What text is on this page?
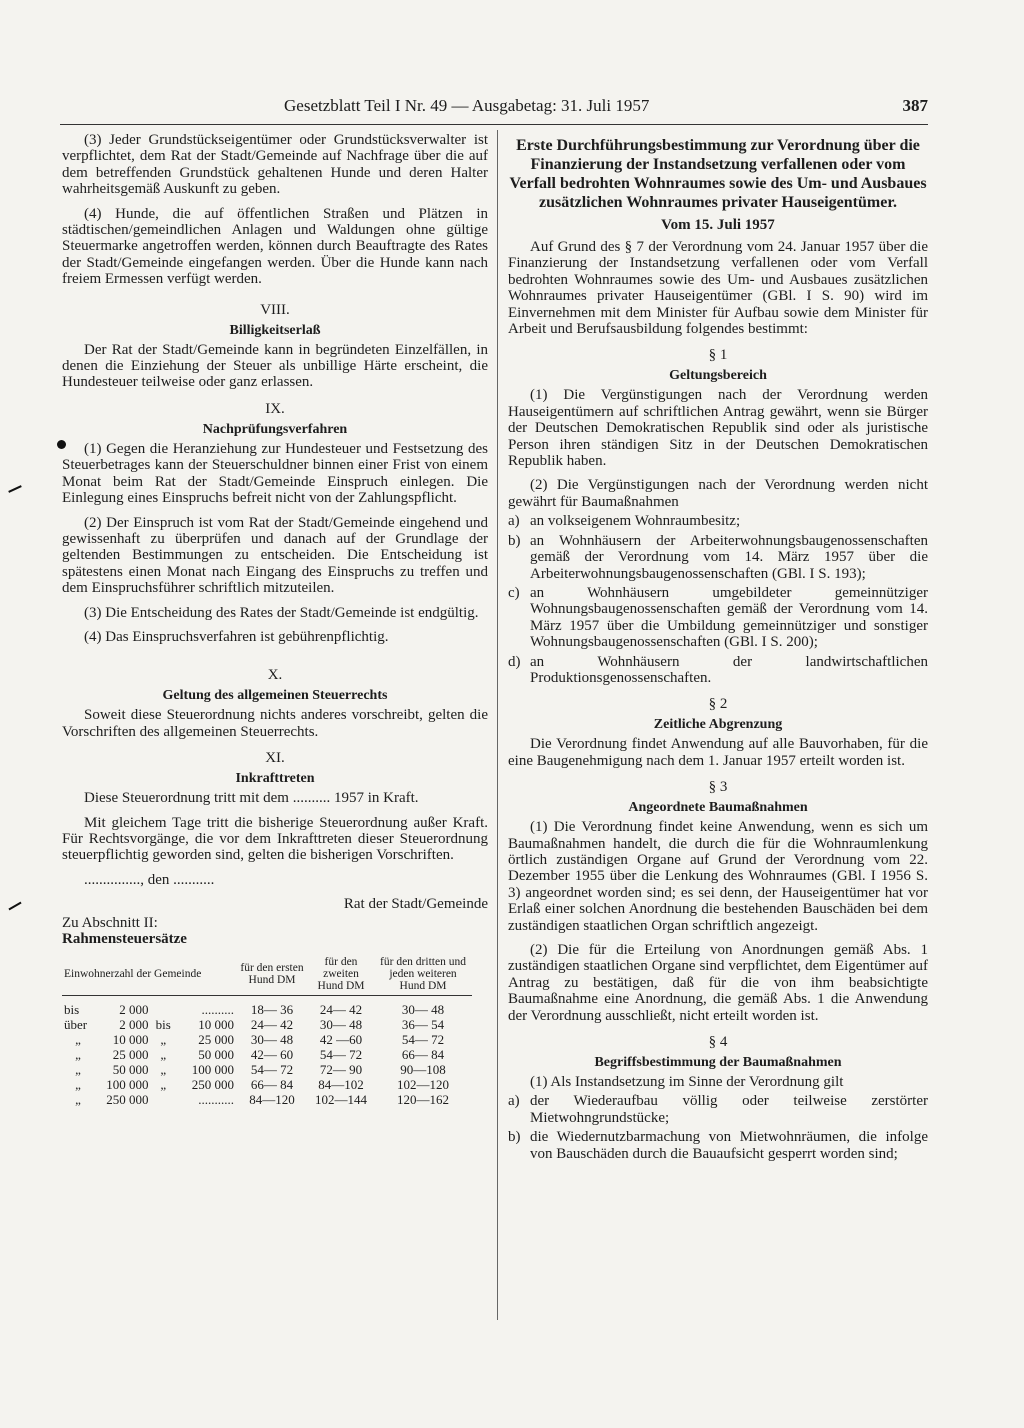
Gesetzblatt Teil I Nr. 49 — Ausgabetag: 31. Juli 1957	387

(3) Jeder Grundstückseigentümer oder Grundstücksverwalter ist verpflichtet, dem Rat der Stadt/Gemeinde auf Nachfrage über die auf dem betreffenden Grundstück gehaltenen Hunde und deren Halter wahrheitsgemäß Auskunft zu geben.

(4) Hunde, die auf öffentlichen Straßen und Plätzen in städtischen/gemeindlichen Anlagen und Waldungen ohne gültige Steuermarke angetroffen werden, können durch Beauftragte des Rates der Stadt/Gemeinde eingefangen werden. Über die Hunde kann nach freiem Ermessen verfügt werden.

VIII.
Billigkeitserlaß

Der Rat der Stadt/Gemeinde kann in begründeten Einzelfällen, in denen die Einziehung der Steuer als unbillige Härte erscheint, die Hundesteuer teilweise oder ganz erlassen.

IX.
Nachprüfungsverfahren

(1) Gegen die Heranziehung zur Hundesteuer und Festsetzung des Steuerbetrages kann der Steuerschuldner binnen einer Frist von einem Monat beim Rat der Stadt/Gemeinde Einspruch einlegen. Die Einlegung eines Einspruchs befreit nicht von der Zahlungspflicht.

(2) Der Einspruch ist vom Rat der Stadt/Gemeinde eingehend und gewissenhaft zu überprüfen und danach auf der Grundlage der geltenden Bestimmungen zu entscheiden. Die Entscheidung ist spätestens einen Monat nach Eingang des Einspruchs zu treffen und dem Einspruchsführer schriftlich mitzuteilen.

(3) Die Entscheidung des Rates der Stadt/Gemeinde ist endgültig.

(4) Das Einspruchsverfahren ist gebührenpflichtig.

X.
Geltung des allgemeinen Steuerrechts

Soweit diese Steuerordnung nichts anderes vorschreibt, gelten die Vorschriften des allgemeinen Steuerrechts.

XI.
Inkrafttreten

Diese Steuerordnung tritt mit dem .......... 1957 in Kraft.

Mit gleichem Tage tritt die bisherige Steuerordnung außer Kraft. Für Rechtsvorgänge, die vor dem Inkrafttreten dieser Steuerordnung steuerpflichtig geworden sind, gelten die bisherigen Vorschriften.

..............., den ...........

Rat der Stadt/Gemeinde

Zu Abschnitt II:

Rahmensteuersätze

Einwohnerzahl der Gemeinde				für den ersten Hund DM	für den zweiten Hund DM	für den dritten und jeden weiteren Hund DM
bis	2 000		..........	18— 36	24— 42	30— 48
über	2 000	bis	10 000	24— 42	30— 48	36— 54
„	10 000	„	25 000	30— 48	42 —60	54— 72
„	25 000	„	50 000	42— 60	54— 72	66— 84
„	50 000	„	100 000	54— 72	72— 90	90—108
„	100 000	„	250 000	66— 84	84—102	102—120
„	250 000		...........	84—120	102—144	120—162
Erste Durchführungsbestimmung zur Verordnung über die Finanzierung der Instandsetzung verfallenen oder vom Verfall bedrohten Wohnraumes sowie des Um- und Ausbaues zusätzlichen Wohnraumes privater Hauseigentümer.
Vom 15. Juli 1957

Auf Grund des § 7 der Verordnung vom 24. Januar 1957 über die Finanzierung der Instandsetzung verfallenen oder vom Verfall bedrohten Wohnraumes sowie des Um- und Ausbaues zusätzlichen Wohnraumes privater Hauseigentümer (GBl. I S. 90) wird im Einvernehmen mit dem Minister für Aufbau sowie dem Minister für Arbeit und Berufsausbildung folgendes bestimmt:

§ 1
Geltungsbereich

(1) Die Vergünstigungen nach der Verordnung werden Hauseigentümern auf schriftlichen Antrag gewährt, wenn sie Bürger der Deutschen Demokratischen Republik sind oder als juristische Person ihren ständigen Sitz in der Deutschen Demokratischen Republik haben.

(2) Die Vergünstigungen nach der Verordnung werden nicht gewährt für Baumaßnahmen

a) an volkseigenem Wohnraumbesitz;
b) an Wohnhäusern der Arbeiterwohnungsbaugenossenschaften gemäß der Verordnung vom 14. März 1957 über die Arbeiterwohnungsbaugenossenschaften (GBl. I S. 193);
c) an Wohnhäusern umgebildeter gemeinnütziger Wohnungsbaugenossenschaften gemäß der Verordnung vom 14. März 1957 über die Umbildung gemeinnütziger und sonstiger Wohnungsbaugenossenschaften (GBl. I S. 200);
d) an Wohnhäusern der landwirtschaftlichen Produktionsgenossenschaften.
§ 2
Zeitliche Abgrenzung

Die Verordnung findet Anwendung auf alle Bauvorhaben, für die eine Baugenehmigung nach dem 1. Januar 1957 erteilt worden ist.

§ 3
Angeordnete Baumaßnahmen

(1) Die Verordnung findet keine Anwendung, wenn es sich um Baumaßnahmen handelt, die durch die für die Wohnraumlenkung örtlich zuständigen Organe auf Grund der Verordnung vom 22. Dezember 1955 über die Lenkung des Wohnraumes (GBl. I 1956 S. 3) angeordnet worden sind; es sei denn, der Hauseigentümer hat vor Erlaß einer solchen Anordnung die bestehenden Bauschäden bei dem zuständigen staatlichen Organ schriftlich angezeigt.

(2) Die für die Erteilung von Anordnungen gemäß Abs. 1 zuständigen staatlichen Organe sind verpflichtet, dem Eigentümer auf Antrag zu bestätigen, daß für die von ihm beabsichtigte Baumaßnahme eine Anordnung, die gemäß Abs. 1 die Anwendung der Verordnung ausschließt, nicht erteilt worden ist.

§ 4
Begriffsbestimmung der Baumaßnahmen

(1) Als Instandsetzung im Sinne der Verordnung gilt

a) der Wiederaufbau völlig oder teilweise zerstörter Mietwohngrundstücke;
b) die Wiedernutzbarmachung von Mietwohnräumen, die infolge von Bauschäden durch die Bauaufsicht gesperrt worden sind;
